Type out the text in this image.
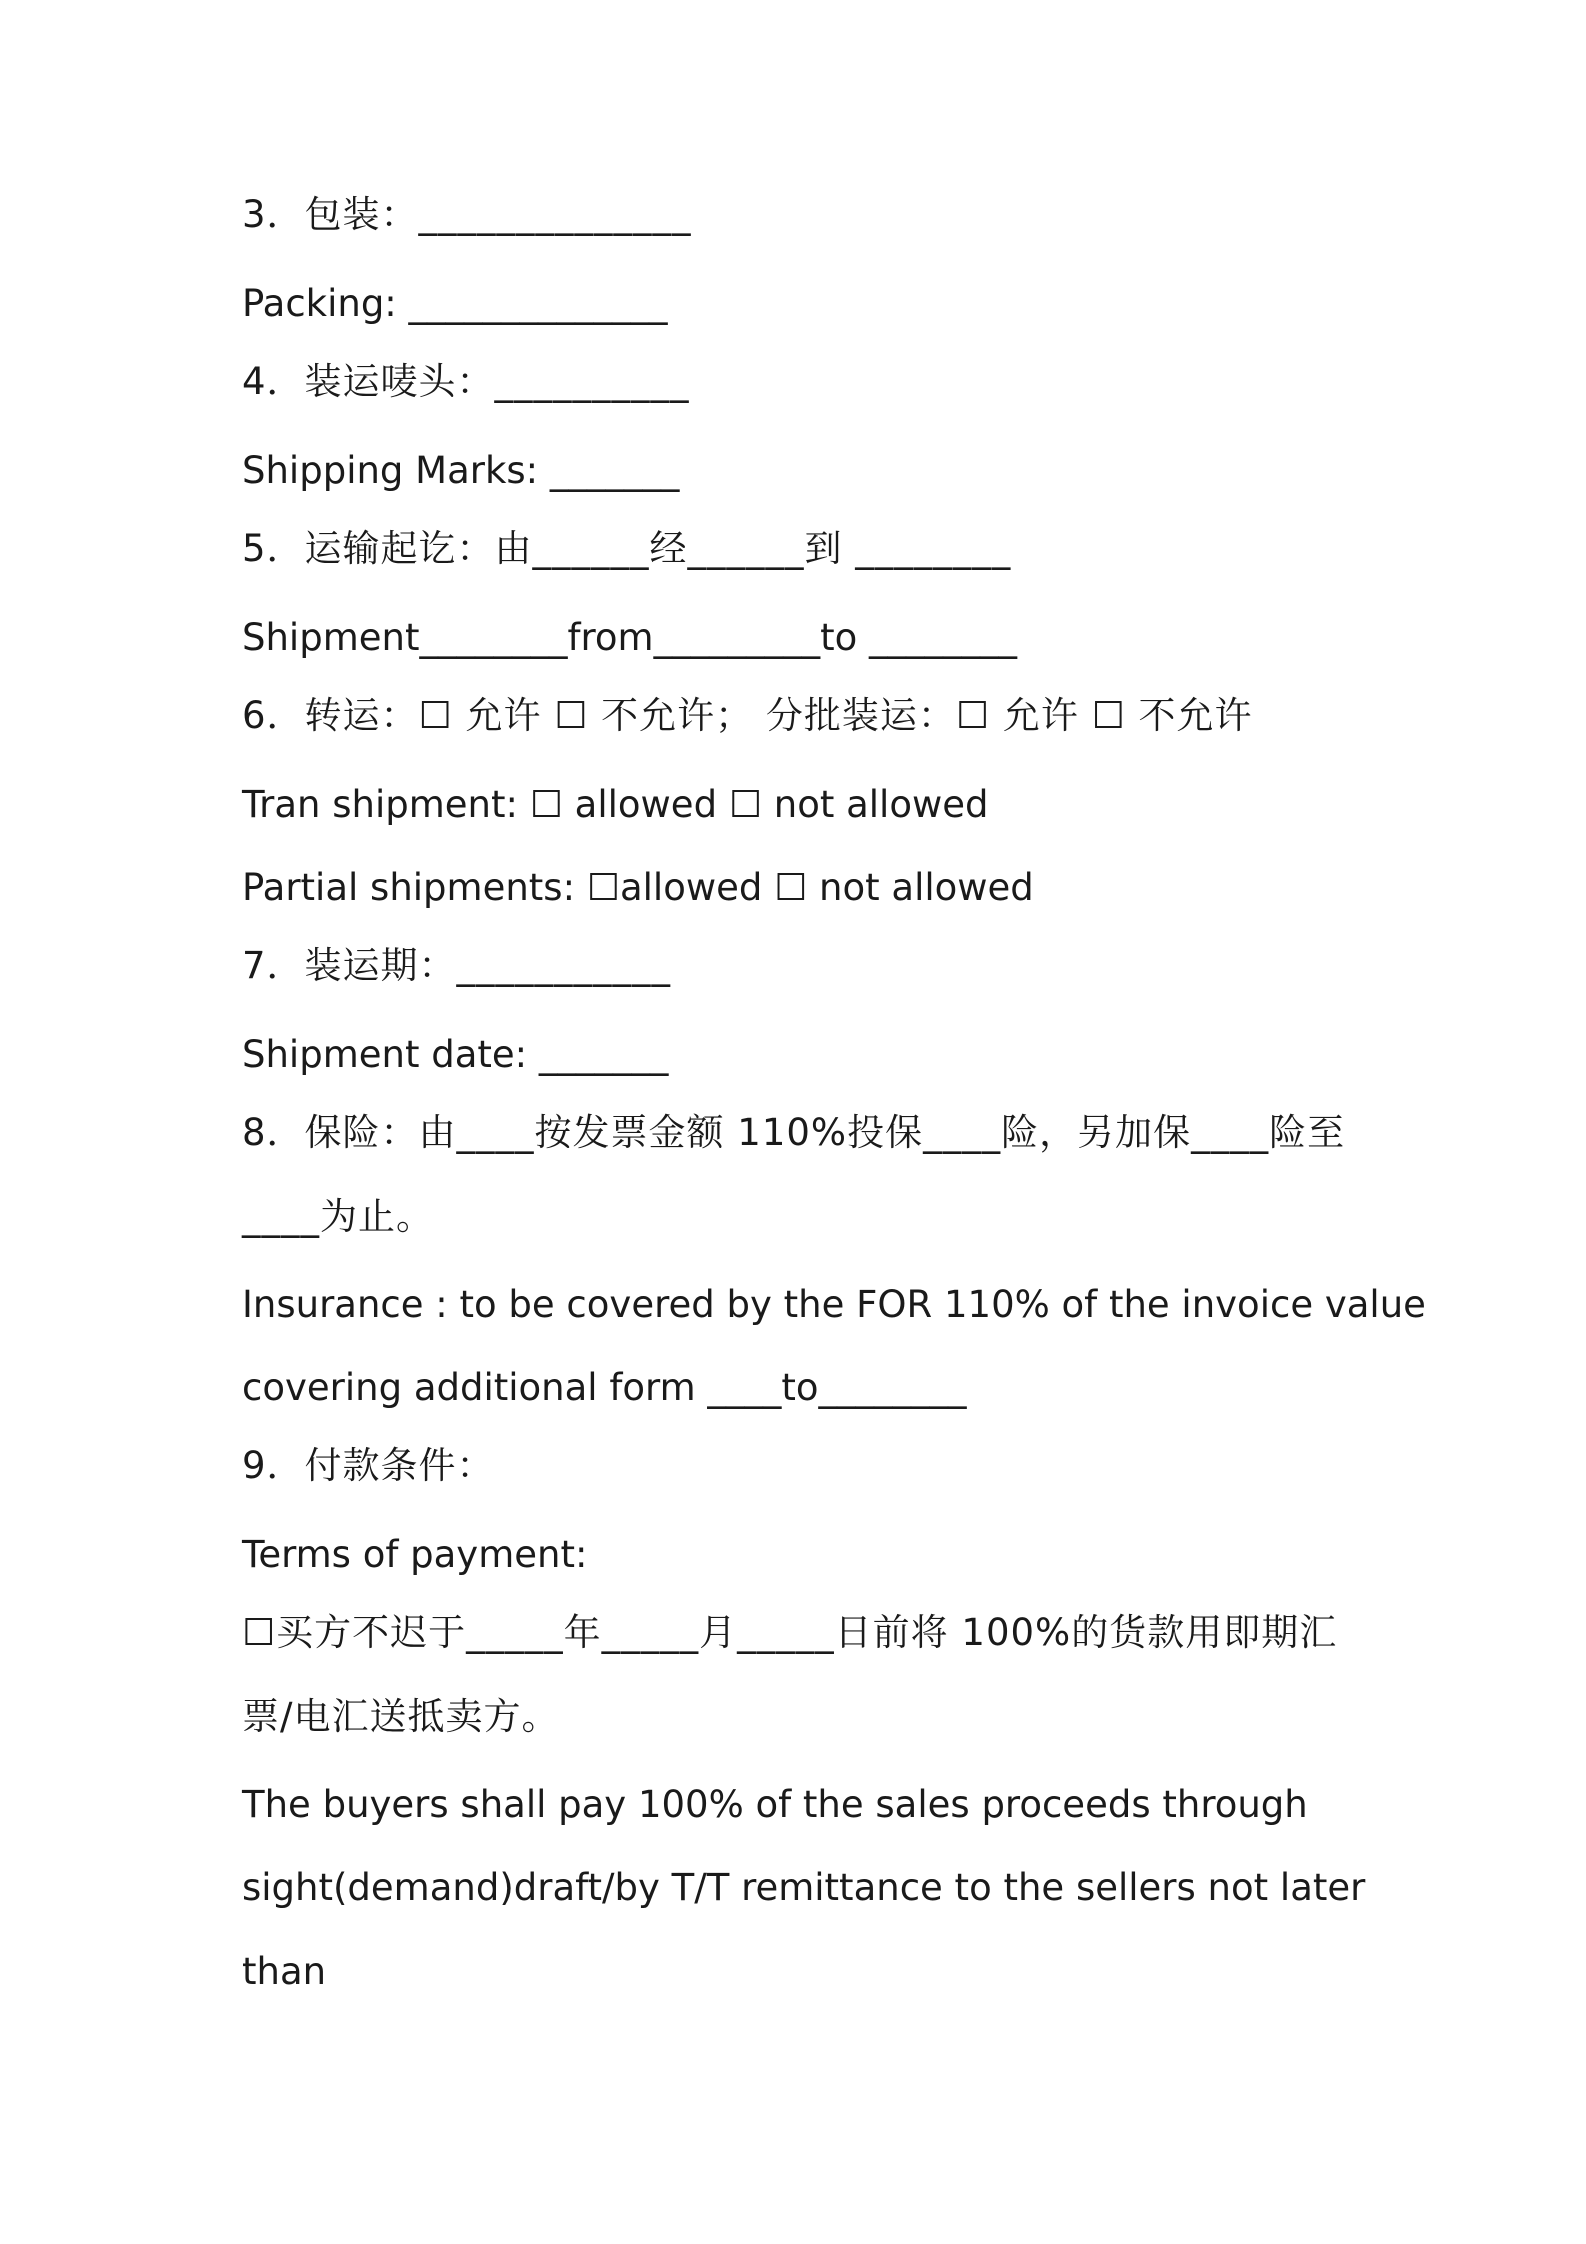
3．包装：______________
Packing: ______________
4．装运唛头：__________
Shipping Marks: _______
5．运输起讫：由______经______到 ________
Shipment________from_________to ________
6．转运：☐ 允许 ☐ 不允许； 分批装运：☐ 允许 ☐ 不允许
Tran shipment: ☐ allowed ☐ not allowed
Partial shipments: ☐allowed ☐ not allowed
7．装运期：___________
Shipment date: _______
8．保险：由____按发票金额 110%投保____险，另加保____险至
____为止。
Insurance : to be covered by the FOR 110% of the invoice value
covering additional form ____to________
9．付款条件：
Terms of payment:
☐买方不迟于_____年_____月_____日前将 100%的货款用即期汇
票/电汇送抵卖方。
The buyers shall pay 100% of the sales proceeds through
sight(demand)draft/by T/T remittance to the sellers not later
than
